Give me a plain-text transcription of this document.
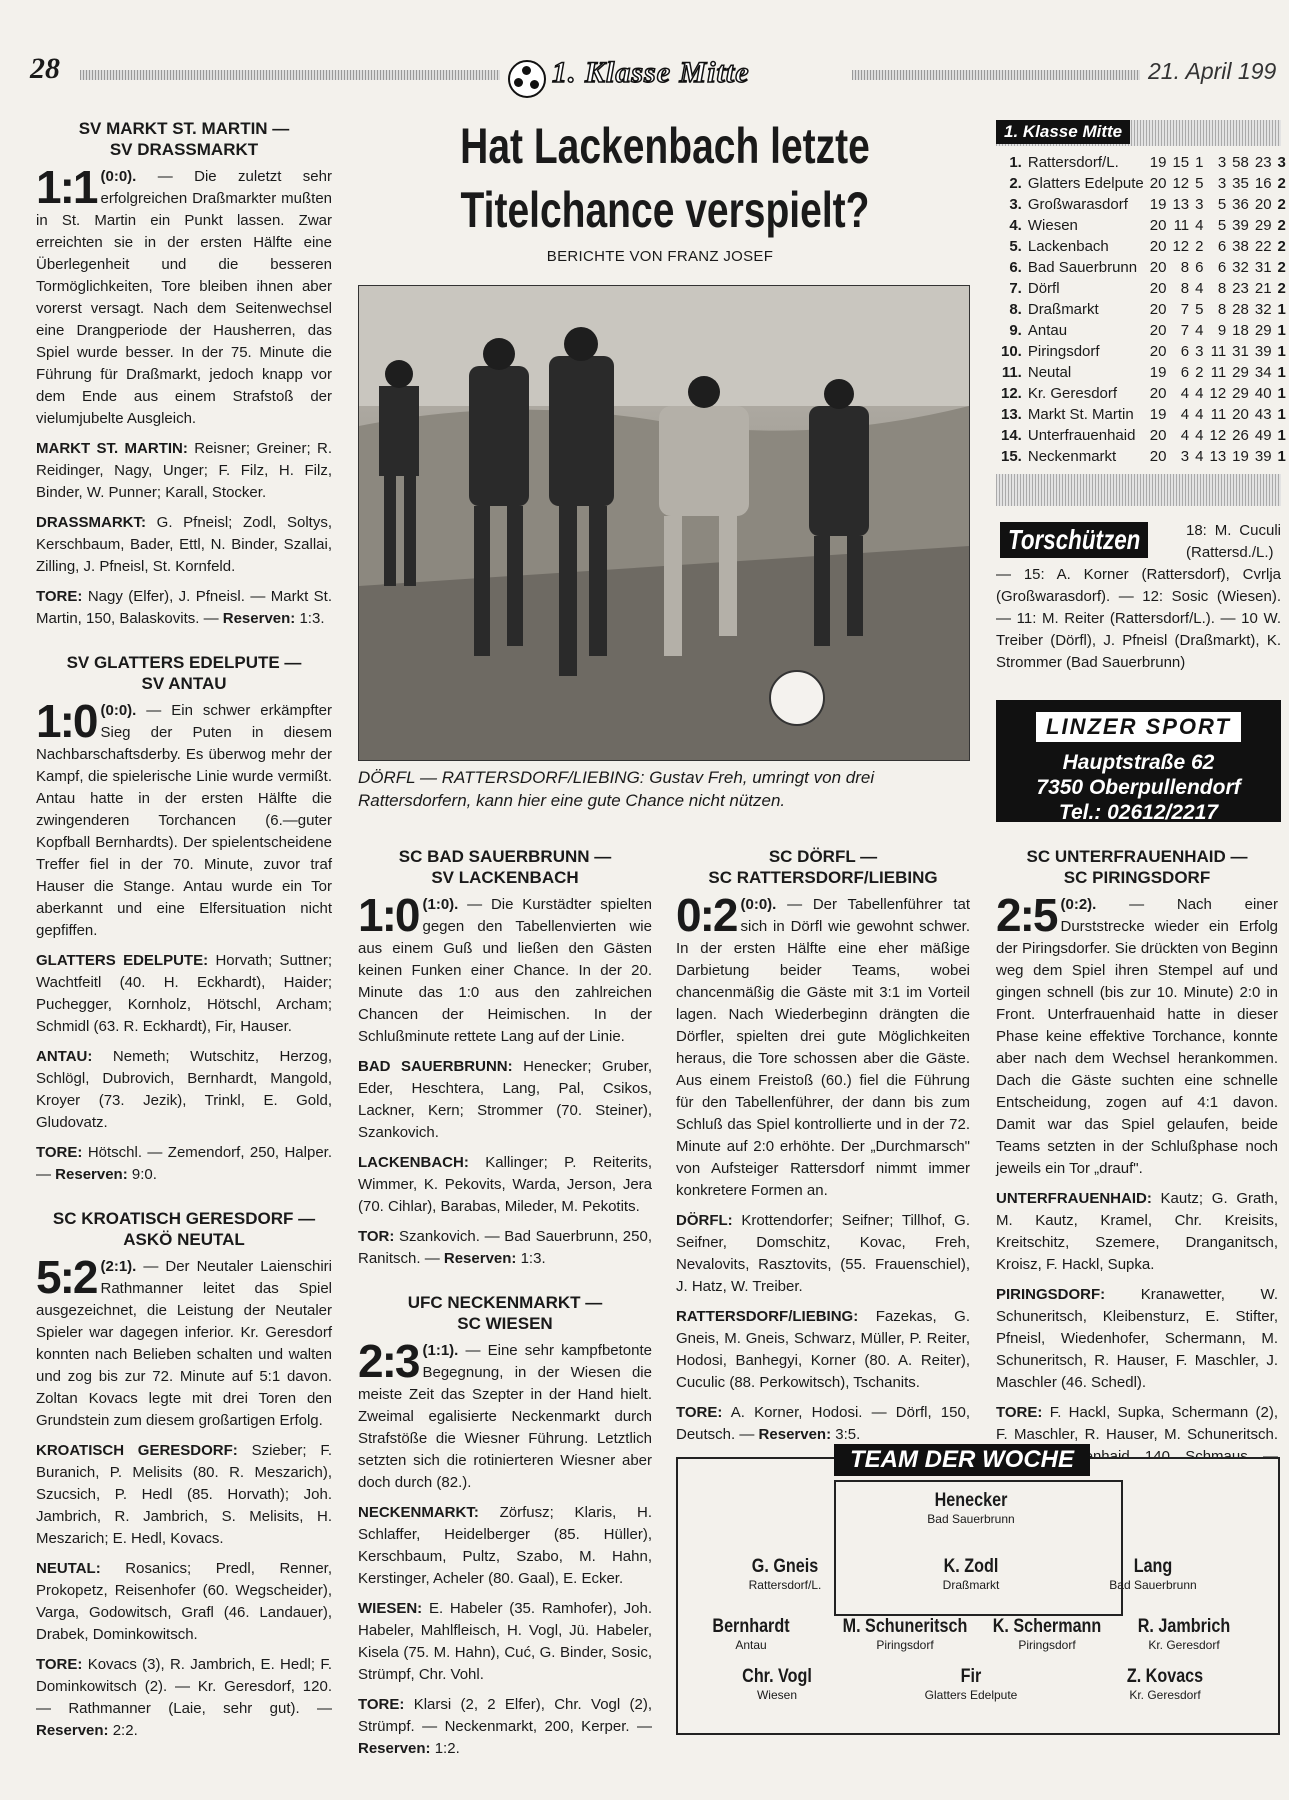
28	1. Klasse Mitte	21. April 199
SV MARKT ST. MARTIN —
SV DRASSMARKT

1:1 (0:0). — Die zuletzt sehr erfolgreichen Draßmarkter mußten in St. Martin ein Punkt lassen. Zwar erreichten sie in der ersten Hälfte eine Überlegenheit und die besseren Tormöglichkeiten, Tore bleiben ihnen aber vorerst versagt. Nach dem Seitenwechsel eine Drangperiode der Hausherren, das Spiel wurde besser. In der 75. Minute die Führung für Draßmarkt, jedoch knapp vor dem Ende aus einem Strafstoß der vielumjubelte Ausgleich.

MARKT ST. MARTIN: Reisner; Greiner; R. Reidinger, Nagy, Unger; F. Filz, H. Filz, Binder, W. Punner; Karall, Stocker.

DRASSMARKT: G. Pfneisl; Zodl, Soltys, Kerschbaum, Bader, Ettl, N. Binder, Szallai, Zilling, J. Pfneisl, St. Kornfeld.

TORE: Nagy (Elfer), J. Pfneisl. — Markt St. Martin, 150, Balaskovits. — Reserven: 1:3.

SV GLATTERS EDELPUTE —
SV ANTAU

1:0 (0:0). — Ein schwer erkämpfter Sieg der Puten in diesem Nachbarschaftsderby. Es überwog mehr der Kampf, die spielerische Linie wurde vermißt. Antau hatte in der ersten Hälfte die zwingenderen Torchancen (6.—guter Kopfball Bernhardts). Der spielentscheidene Treffer fiel in der 70. Minute, zuvor traf Hauser die Stange. Antau wurde ein Tor aberkannt und eine Elfersituation nicht gepfiffen.

GLATTERS EDELPUTE: Horvath; Suttner; Wachtfeitl (40. H. Eckhardt), Haider; Puchegger, Kornholz, Hötschl, Archam; Schmidl (63. R. Eckhardt), Fir, Hauser.

ANTAU: Nemeth; Wutschitz, Herzog, Schlögl, Dubrovich, Bernhardt, Mangold, Kroyer (73. Jezik), Trinkl, E. Gold, Gludovatz.

TORE: Hötschl. — Zemendorf, 250, Halper. — Reserven: 9:0.

SC KROATISCH GERESDORF —
ASKÖ NEUTAL

5:2 (2:1). — Der Neutaler Laienschiri Rathmanner leitet das Spiel ausgezeichnet, die Leistung der Neutaler Spieler war dagegen inferior. Kr. Geresdorf konnten nach Belieben schalten und walten und zog bis zur 72. Minute auf 5:1 davon. Zoltan Kovacs legte mit drei Toren den Grundstein zum diesem großartigen Erfolg.

KROATISCH GERESDORF: Szieber; F. Buranich, P. Melisits (80. R. Meszarich), Szucsich, P. Hedl (85. Horvath); Joh. Jambrich, R. Jambrich, S. Melisits, H. Meszarich; E. Hedl, Kovacs.

NEUTAL: Rosanics; Predl, Renner, Prokopetz, Reisenhofer (60. Wegscheider), Varga, Godowitsch, Grafl (46. Landauer), Drabek, Dominkowitsch.

TORE: Kovacs (3), R. Jambrich, E. Hedl; F. Dominkowitsch (2). — Kr. Geresdorf, 120. — Rathmanner (Laie, sehr gut). — Reserven: 2:2.

Hat Lackenbach letzte
Titelchance verspielt?
BERICHTE VON FRANZ JOSEF
DÖRFL — RATTERSDORF/LIEBING: Gustav Freh, umringt von drei Rattersdorfern, kann hier eine gute Chance nicht nützen.
SC BAD SAUERBRUNN —
SV LACKENBACH

1:0 (1:0). — Die Kurstädter spielten gegen den Tabellenvierten wie aus einem Guß und ließen den Gästen keinen Funken einer Chance. In der 20. Minute das 1:0 aus den zahlreichen Chancen der Heimischen. In der Schlußminute rettete Lang auf der Linie.

BAD SAUERBRUNN: Henecker; Gruber, Eder, Heschtera, Lang, Pal, Csikos, Lackner, Kern; Strommer (70. Steiner), Szankovich.

LACKENBACH: Kallinger; P. Reiterits, Wimmer, K. Pekovits, Warda, Jerson, Jera (70. Cihlar), Barabas, Mileder, M. Pekotits.

TOR: Szankovich. — Bad Sauerbrunn, 250, Ranitsch. — Reserven: 1:3.

UFC NECKENMARKT —
SC WIESEN

2:3 (1:1). — Eine sehr kampfbetonte Begegnung, in der Wiesen die meiste Zeit das Szepter in der Hand hielt. Zweimal egalisierte Neckenmarkt durch Strafstöße die Wiesner Führung. Letztlich setzten sich die rotinierteren Wiesner aber doch durch (82.).

NECKENMARKT: Zörfusz; Klaris, H. Schlaffer, Heidelberger (85. Hüller), Kerschbaum, Pultz, Szabo, M. Hahn, Kerstinger, Acheler (80. Gaal), E. Ecker.

WIESEN: E. Habeler (35. Ramhofer), Joh. Habeler, Mahlfleisch, H. Vogl, Jü. Habeler, Kisela (75. M. Hahn), Cuć, G. Binder, Sosic, Strümpf, Chr. Vohl.

TORE: Klarsi (2, 2 Elfer), Chr. Vogl (2), Strümpf. — Neckenmarkt, 200, Kerper. — Reserven: 1:2.

SC DÖRFL —
SC RATTERSDORF/LIEBING

0:2 (0:0). — Der Tabellenführer tat sich in Dörfl wie gewohnt schwer. In der ersten Hälfte eine eher mäßige Darbietung beider Teams, wobei chancenmäßig die Gäste mit 3:1 im Vorteil lagen. Nach Wiederbeginn drängten die Dörfler, spielten drei gute Möglichkeiten heraus, die Tore schossen aber die Gäste. Aus einem Freistoß (60.) fiel die Führung für den Tabellenführer, der dann bis zum Schluß das Spiel kontrollierte und in der 72. Minute auf 2:0 erhöhte. Der „Durchmarsch" von Aufsteiger Rattersdorf nimmt immer konkretere Formen an.

DÖRFL: Krottendorfer; Seifner; Tillhof, G. Seifner, Domschitz, Kovac, Freh, Nevalovits, Rasztovits, (55. Frauenschiel), J. Hatz, W. Treiber.

RATTERSDORF/LIEBING: Fazekas, G. Gneis, M. Gneis, Schwarz, Müller, P. Reiter, Hodosi, Banhegyi, Korner (80. A. Reiter), Cuculic (88. Perkowitsch), Tschanits.

TORE: A. Korner, Hodosi. — Dörfl, 150, Deutsch. — Reserven: 3:5.

SC UNTERFRAUENHAID —
SC PIRINGSDORF

2:5 (0:2). — Nach einer Durststrecke wieder ein Erfolg der Piringsdorfer. Sie drückten von Beginn weg dem Spiel ihren Stempel auf und gingen schnell (bis zur 10. Minute) 2:0 in Front. Unterfrauenhaid hatte in dieser Phase keine effektive Torchance, konnte aber nach dem Wechsel herankommen. Dach die Gäste suchten eine schnelle Entscheidung, zogen auf 4:1 davon. Damit war das Spiel gelaufen, beide Teams setzten in der Schlußphase noch jeweils ein Tor „drauf".

UNTERFRAUENHAID: Kautz; G. Grath, M. Kautz, Kramel, Chr. Kreisits, Kreitschitz, Szemere, Dranganitsch, Kroisz, F. Hackl, Supka.

PIRINGSDORF: Kranawetter, W. Schuneritsch, Kleibensturz, E. Stifter, Pfneisl, Wiedenhofer, Schermann, M. Schuneritsch, R. Hauser, F. Maschler, J. Maschler (46. Schedl).

TORE: F. Hackl, Supka, Schermann (2), F. Maschler, R. Hauser, M. Schuneritsch.

1. Klasse Mitte
1.	Rattersdorf/L.	19	15	1	3	58	23	3
2.	Glatters Edelpute	20	12	5	3	35	16	2
3.	Großwarasdorf	19	13	3	5	36	20	2
4.	Wiesen	20	11	4	5	39	29	2
5.	Lackenbach	20	12	2	6	38	22	2
6.	Bad Sauerbrunn	20	8	6	6	32	31	2
7.	Dörfl	20	8	4	8	23	21	2
8.	Draßmarkt	20	7	5	8	28	32	1
9.	Antau	20	7	4	9	18	29	1
10.	Piringsdorf	20	6	3	11	31	39	1
11.	Neutal	19	6	2	11	29	34	1
12.	Kr. Geresdorf	20	4	4	12	29	40	1
13.	Markt St. Martin	19	4	4	11	20	43	1
14.	Unterfrauenhaid	20	4	4	12	26	49	1
15.	Neckenmarkt	20	3	4	13	19	39	1
18: M. Cuculi (Rattersd./L.)
— 15: A. Korner (Rattersdorf), Cvrlja (Großwarasdorf). — 12: Sosic (Wiesen). — 11: M. Reiter (Rattersdorf/L.). — 10 W. Treiber (Dörfl), J. Pfneisl (Draßmarkt), K. Strommer (Bad Sauerbrunn)
Torschützen
LINZER SPORT
Hauptstraße 62
7350 Oberpullendorf
Tel.: 02612/2217
TEAM DER WOCHE
Henecker
Bad Sauerbrunn
G. Gneis
Rattersdorf/L.
K. Zodl
Draßmarkt
Lang
Bad Sauerbrunn
Bernhardt
Antau
M. Schuneritsch
Piringsdorf
K. Schermann
Piringsdorf
R. Jambrich
Kr. Geresdorf
Chr. Vogl
Wiesen
Fir
Glatters Edelpute
Z. Kovacs
Kr. Geresdorf
